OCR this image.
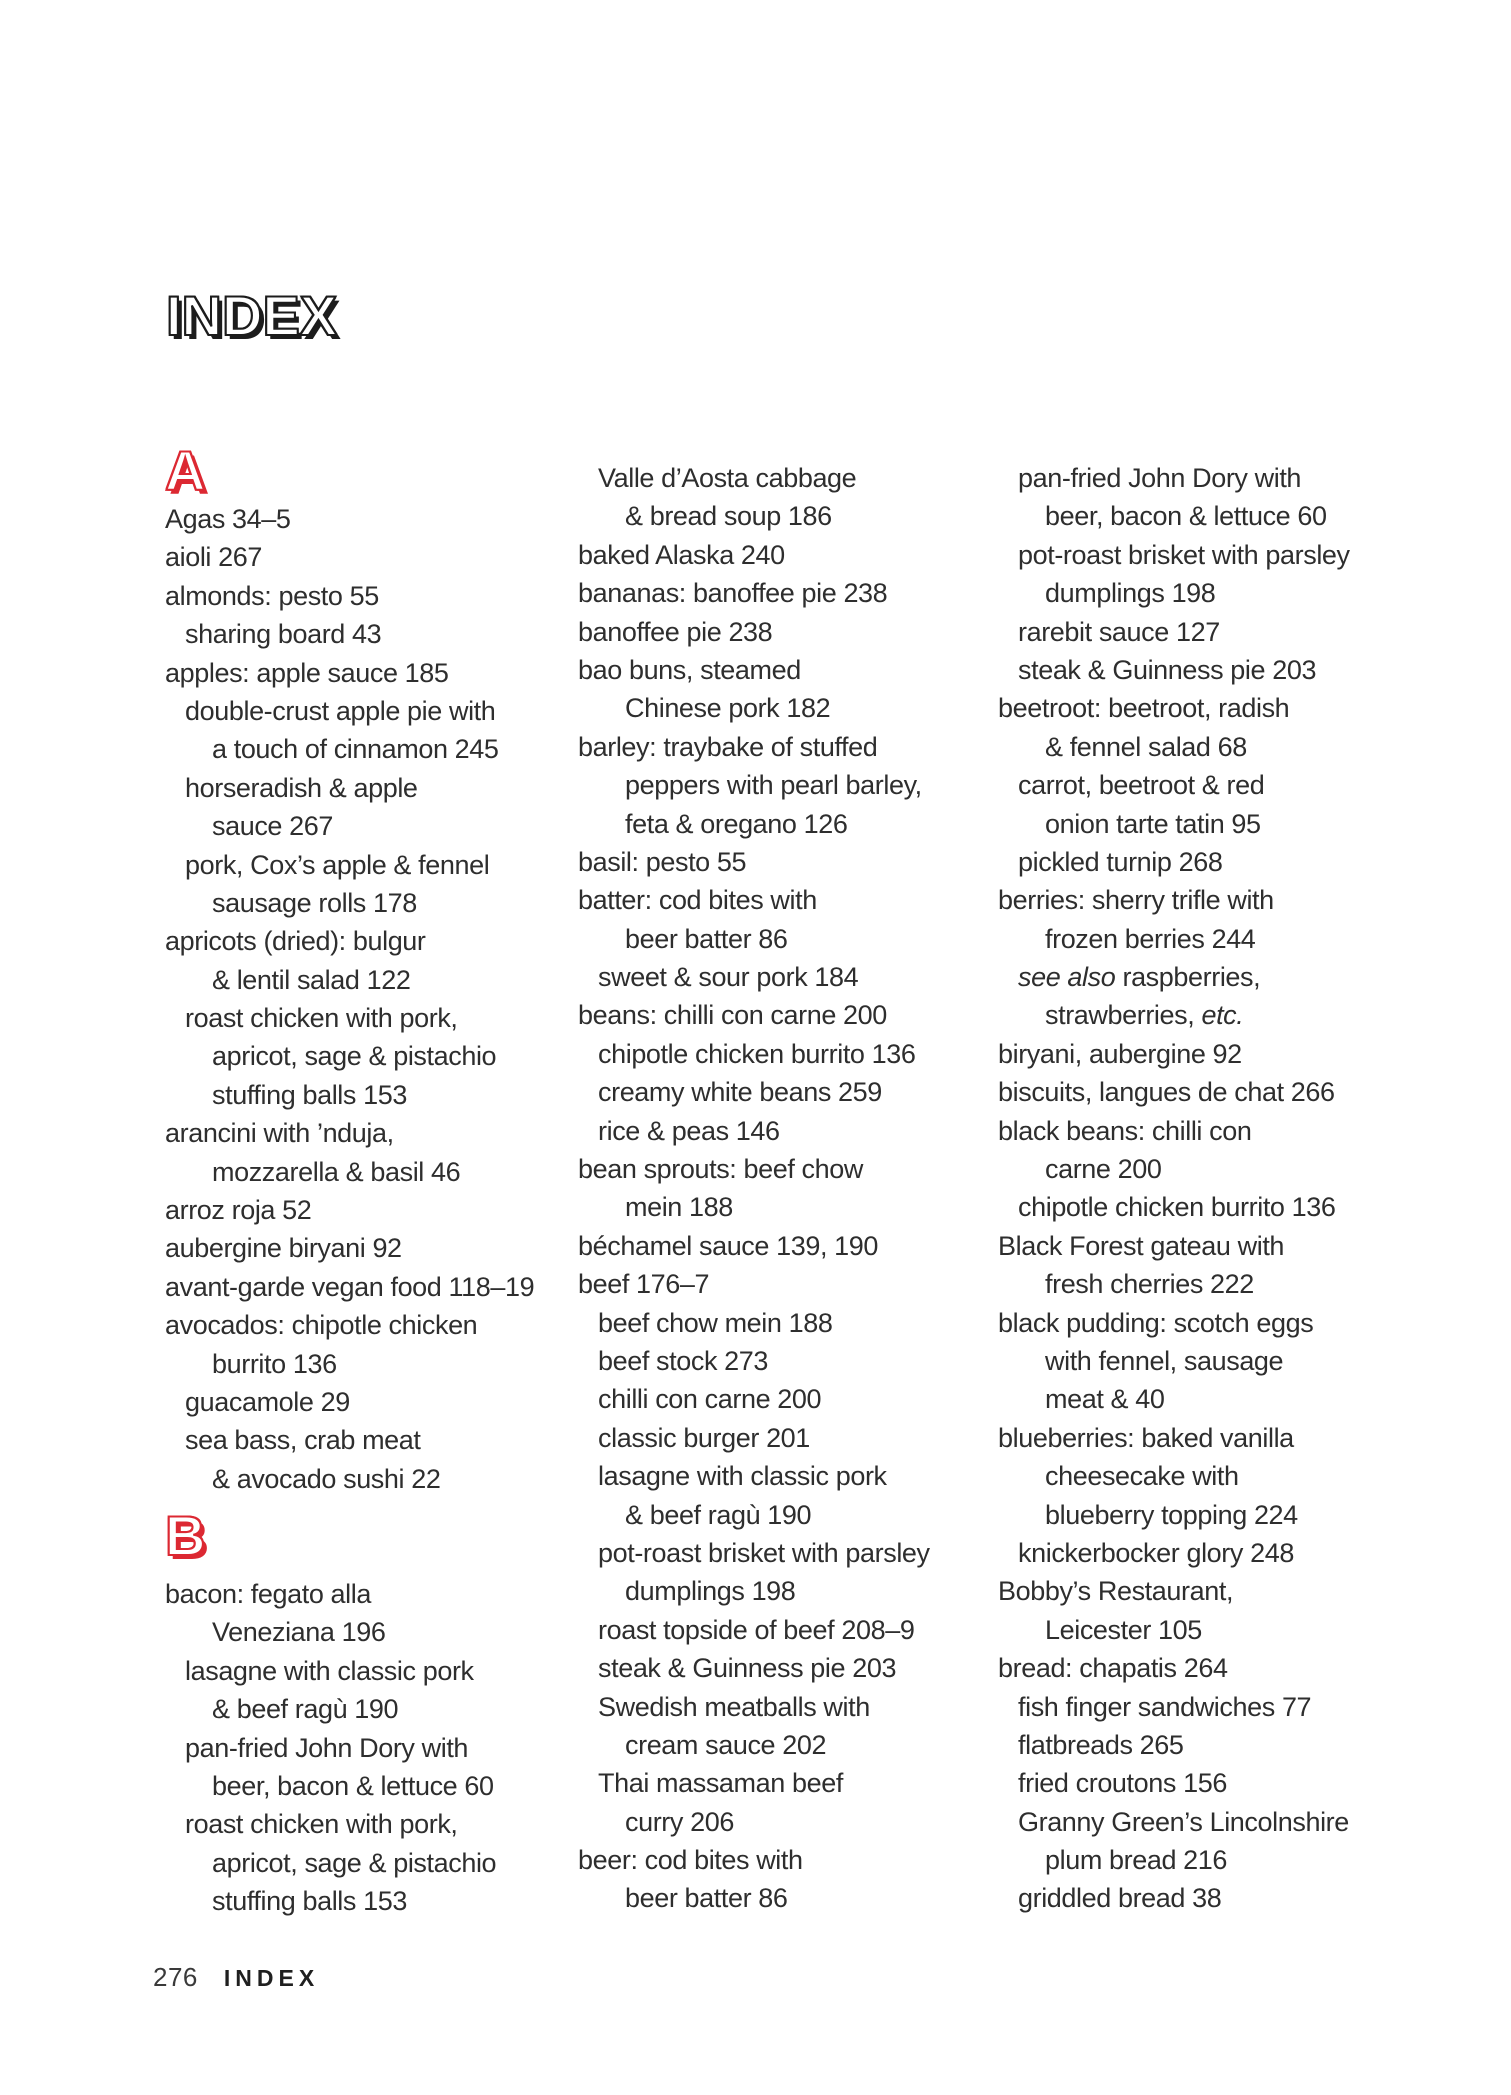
INDEX
A
Agas 34–5
aioli 267
almonds: pesto 55
sharing board 43
apples: apple sauce 185
double-crust apple pie with
a touch of cinnamon 245
horseradish & apple
sauce 267
pork, Cox’s apple & fennel
sausage rolls 178
apricots (dried): bulgur
& lentil salad 122
roast chicken with pork,
apricot, sage & pistachio
stuffing balls 153
arancini with ’nduja,
mozzarella & basil 46
arroz roja 52
aubergine biryani 92
avant-garde vegan food 118–19
avocados: chipotle chicken
burrito 136
guacamole 29
sea bass, crab meat
& avocado sushi 22
B
bacon: fegato alla
Veneziana 196
lasagne with classic pork
& beef ragù 190
pan-fried John Dory with
beer, bacon & lettuce 60
roast chicken with pork,
apricot, sage & pistachio
stuffing balls 153
Valle d’Aosta cabbage
& bread soup 186
baked Alaska 240
bananas: banoffee pie 238
banoffee pie 238
bao buns, steamed
Chinese pork 182
barley: traybake of stuffed
peppers with pearl barley,
feta & oregano 126
basil: pesto 55
batter: cod bites with
beer batter 86
sweet & sour pork 184
beans: chilli con carne 200
chipotle chicken burrito 136
creamy white beans 259
rice & peas 146
bean sprouts: beef chow
mein 188
béchamel sauce 139, 190
beef 176–7
beef chow mein 188
beef stock 273
chilli con carne 200
classic burger 201
lasagne with classic pork
& beef ragù 190
pot-roast brisket with parsley
dumplings 198
roast topside of beef 208–9
steak & Guinness pie 203
Swedish meatballs with
cream sauce 202
Thai massaman beef
curry 206
beer: cod bites with
beer batter 86
pan-fried John Dory with
beer, bacon & lettuce 60
pot-roast brisket with parsley
dumplings 198
rarebit sauce 127
steak & Guinness pie 203
beetroot: beetroot, radish
& fennel salad 68
carrot, beetroot & red
onion tarte tatin 95
pickled turnip 268
berries: sherry trifle with
frozen berries 244
see also raspberries,
strawberries, etc.
biryani, aubergine 92
biscuits, langues de chat 266
black beans: chilli con
carne 200
chipotle chicken burrito 136
Black Forest gateau with
fresh cherries 222
black pudding: scotch eggs
with fennel, sausage
meat & 40
blueberries: baked vanilla
cheesecake with
blueberry topping 224
knickerbocker glory 248
Bobby’s Restaurant,
Leicester 105
bread: chapatis 264
fish finger sandwiches 77
flatbreads 265
fried croutons 156
Granny Green’s Lincolnshire
plum bread 216
griddled bread 38
276 INDEX
